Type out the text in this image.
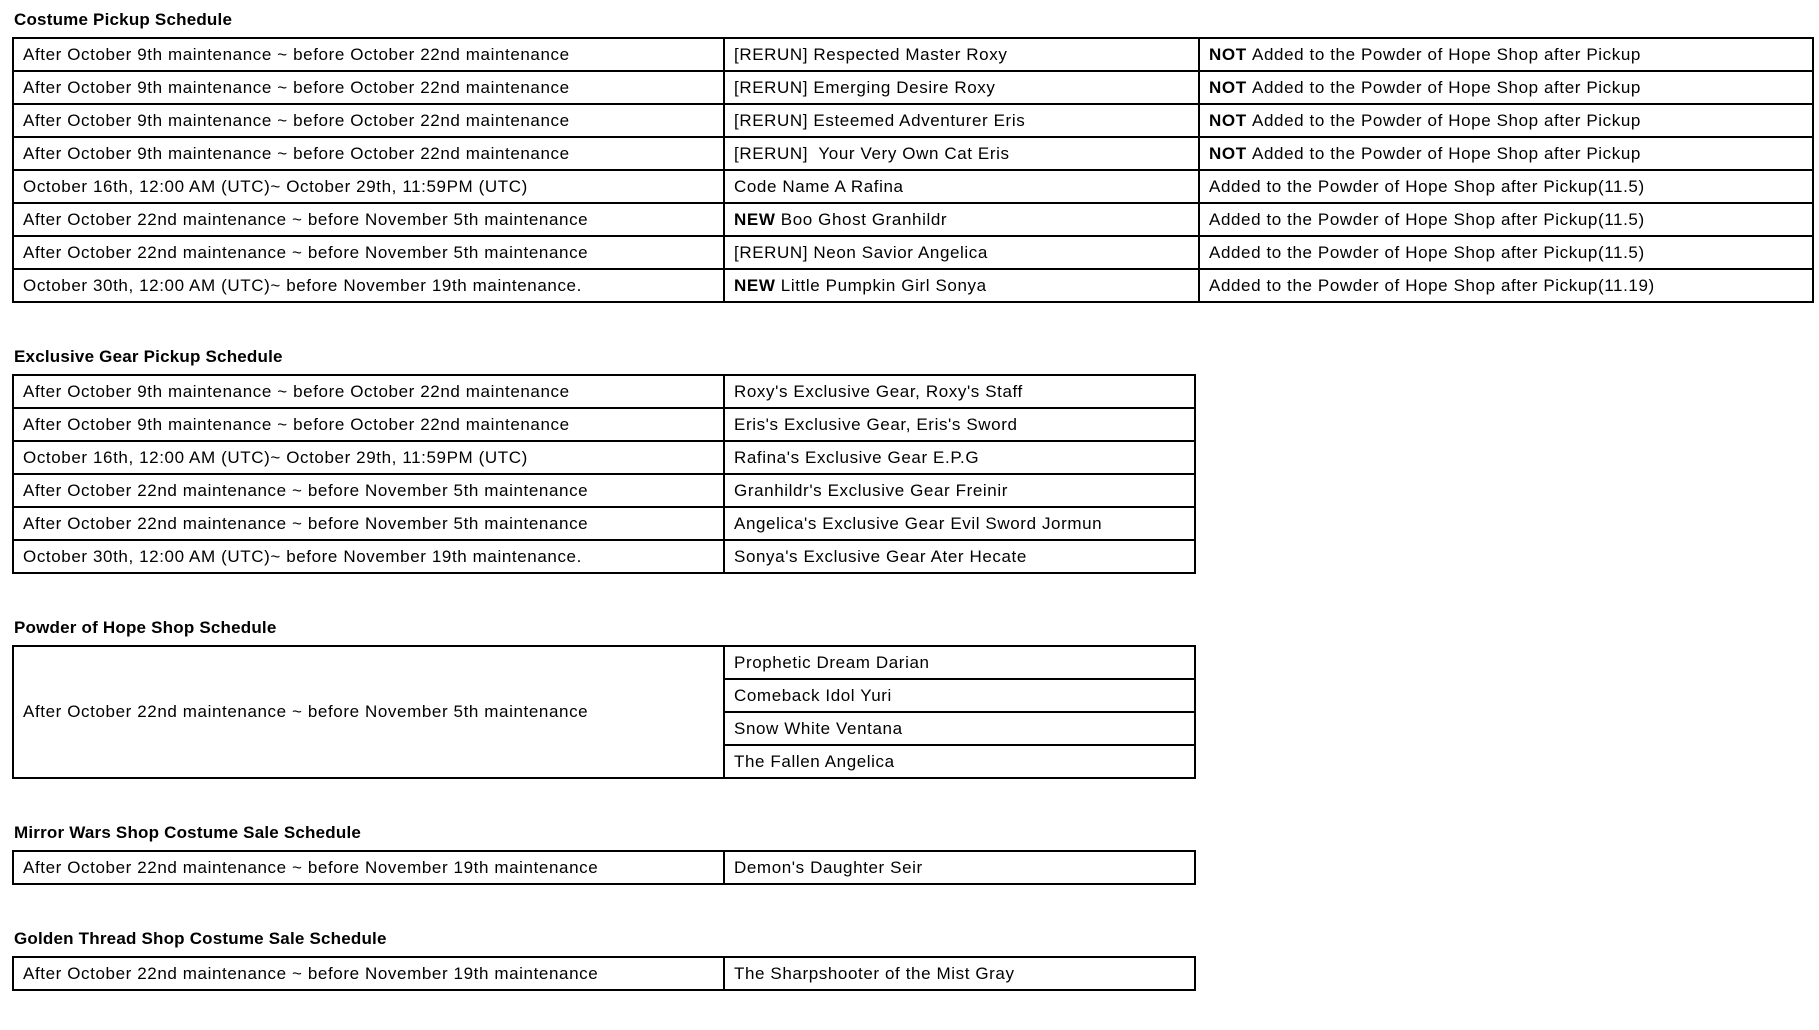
Costume Pickup Schedule
After October 9th maintenance ~ before October 22nd maintenance	[RERUN] Respected Master Roxy	NOT Added to the Powder of Hope Shop after Pickup
After October 9th maintenance ~ before October 22nd maintenance	[RERUN] Emerging Desire Roxy	NOT Added to the Powder of Hope Shop after Pickup
After October 9th maintenance ~ before October 22nd maintenance	[RERUN] Esteemed Adventurer Eris	NOT Added to the Powder of Hope Shop after Pickup
After October 9th maintenance ~ before October 22nd maintenance	[RERUN]  Your Very Own Cat Eris	NOT Added to the Powder of Hope Shop after Pickup
October 16th, 12:00 AM (UTC)~ October 29th, 11:59PM (UTC)	Code Name A Rafina	Added to the Powder of Hope Shop after Pickup(11.5)
After October 22nd maintenance ~ before November 5th maintenance	NEW Boo Ghost Granhildr	Added to the Powder of Hope Shop after Pickup(11.5)
After October 22nd maintenance ~ before November 5th maintenance	[RERUN] Neon Savior Angelica	Added to the Powder of Hope Shop after Pickup(11.5)
October 30th, 12:00 AM (UTC)~ before November 19th maintenance.	NEW Little Pumpkin Girl Sonya	Added to the Powder of Hope Shop after Pickup(11.19)
Exclusive Gear Pickup Schedule
After October 9th maintenance ~ before October 22nd maintenance	Roxy's Exclusive Gear, Roxy's Staff
After October 9th maintenance ~ before October 22nd maintenance	Eris's Exclusive Gear, Eris's Sword
October 16th, 12:00 AM (UTC)~ October 29th, 11:59PM (UTC)	Rafina's Exclusive Gear E.P.G
After October 22nd maintenance ~ before November 5th maintenance	Granhildr's Exclusive Gear Freinir
After October 22nd maintenance ~ before November 5th maintenance	Angelica's Exclusive Gear Evil Sword Jormun
October 30th, 12:00 AM (UTC)~ before November 19th maintenance.	Sonya's Exclusive Gear Ater Hecate
Powder of Hope Shop Schedule
After October 22nd maintenance ~ before November 5th maintenance	Prophetic Dream Darian
Comeback Idol Yuri
Snow White Ventana
The Fallen Angelica
Mirror Wars Shop Costume Sale Schedule
After October 22nd maintenance ~ before November 19th maintenance	Demon's Daughter Seir
Golden Thread Shop Costume Sale Schedule
After October 22nd maintenance ~ before November 19th maintenance	The Sharpshooter of the Mist Gray
